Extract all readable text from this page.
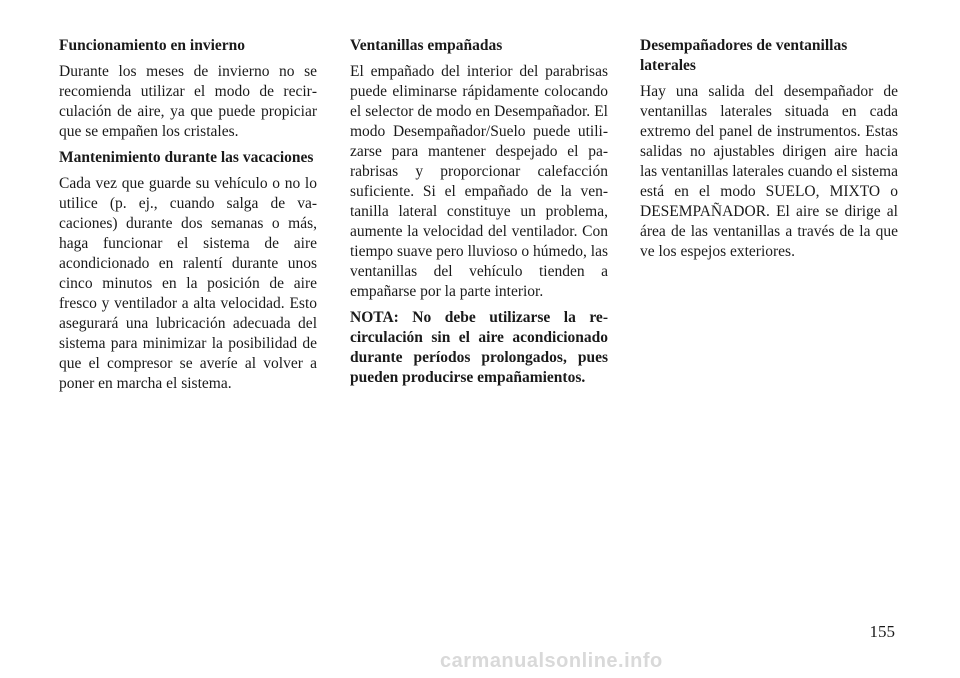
Funcionamiento en invierno
Durante los meses de invierno no se recomienda utilizar el modo de recirculación de aire, ya que puede propiciar que se empañen los cristales.
Mantenimiento durante las vacaciones
Cada vez que guarde su vehículo o no lo utilice (p. ej., cuando salga de vacaciones) durante dos semanas o más, haga funcionar el sistema de aire acondicionado en ralentí durante unos cinco minutos en la posición de aire fresco y ventilador a alta velocidad. Esto asegurará una lubricación adecuada del sistema para minimizar la posibilidad de que el compresor se averíe al volver a poner en marcha el sistema.
Ventanillas empañadas
El empañado del interior del parabrisas puede eliminarse rápidamente colocando el selector de modo en Desempañador. El modo Desempañador/Suelo puede utilizarse para mantener despejado el parabrisas y proporcionar calefacción suficiente. Si el empañado de la ventanilla lateral constituye un problema, aumente la velocidad del ventilador. Con tiempo suave pero lluvioso o húmedo, las ventanillas del vehículo tienden a empañarse por la parte interior.
NOTA: No debe utilizarse la recirculación sin el aire acondicionado durante períodos prolongados, pues pueden producirse empañamientos.
Desempañadores de ventanillas laterales
Hay una salida del desempañador de ventanillas laterales situada en cada extremo del panel de instrumentos. Estas salidas no ajustables dirigen aire hacia las ventanillas laterales cuando el sistema está en el modo SUELO, MIXTO o DESEMPAÑADOR. El aire se dirige al área de las ventanillas a través de la que ve los espejos exteriores.
155
carmanualsonline.info
